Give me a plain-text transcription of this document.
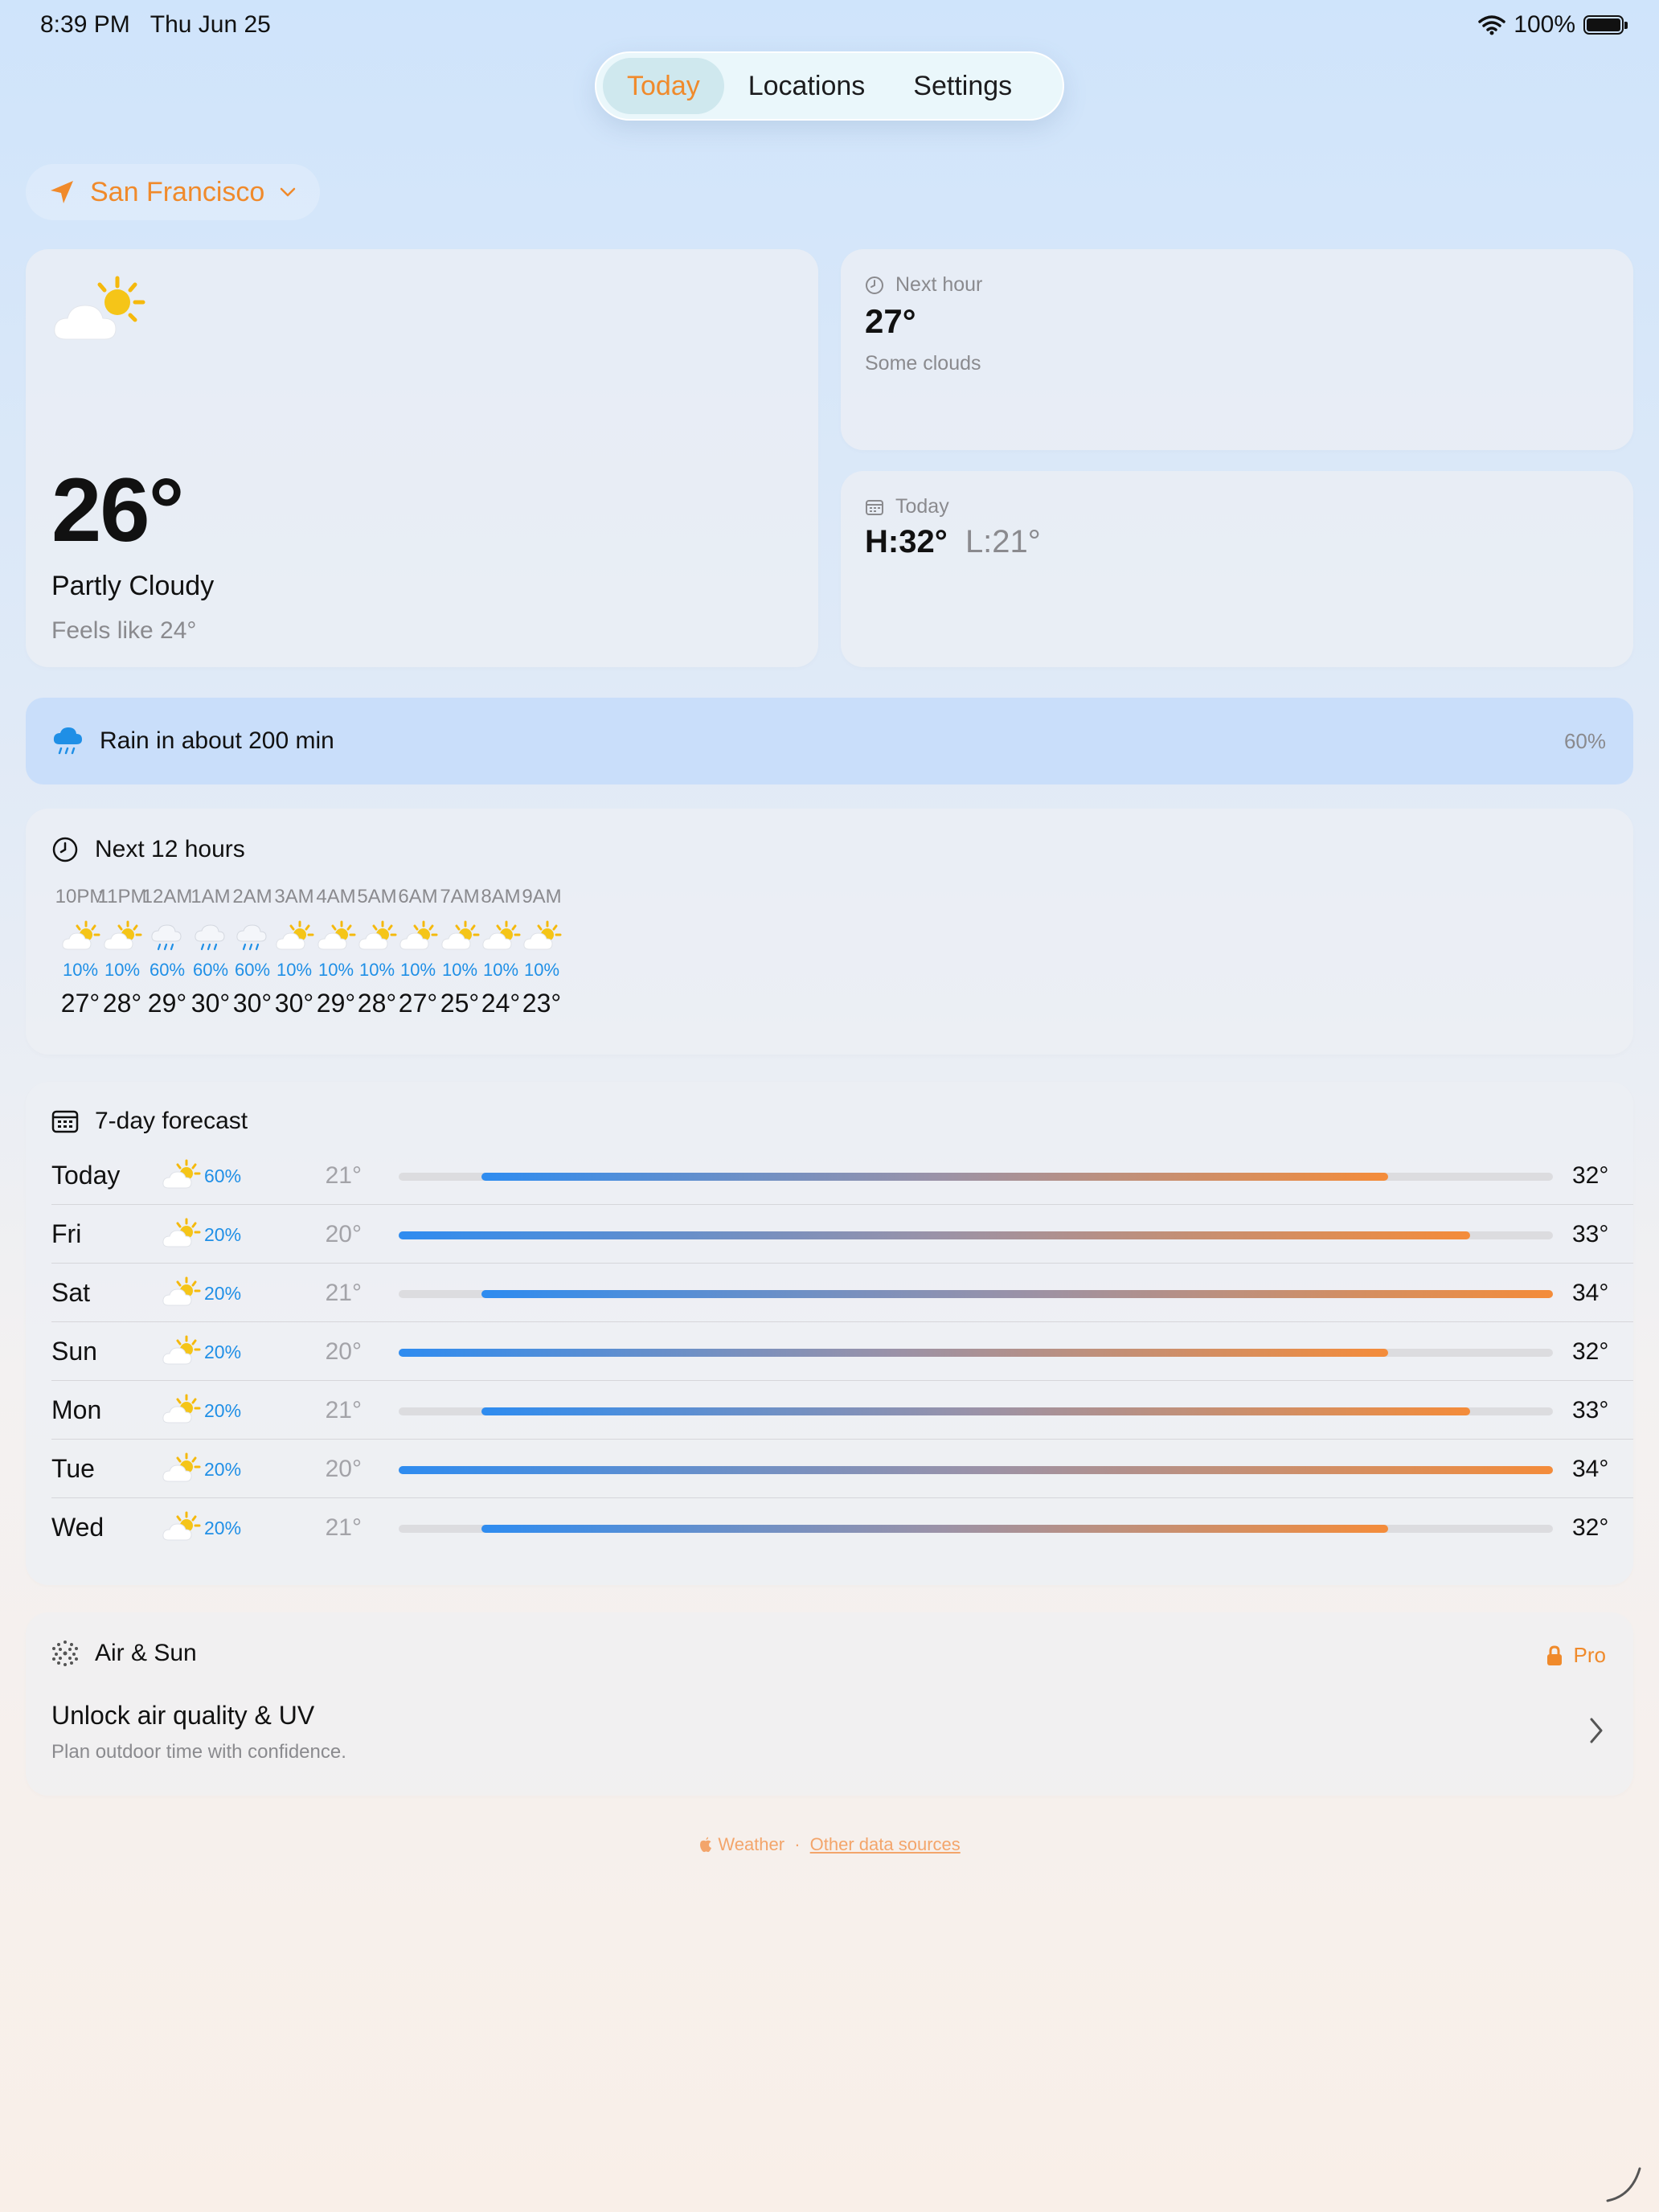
8:39 PM Thu Jun 25	100%
Today	Locations	Settings
San Francisco
26°
Partly Cloudy
Feels like 24°
Next hour
27°
Some clouds
Today
H:32° L:21°
Rain in about 200 min	60%
Next 12 hours
10PM
10%
27°
11PM
10%
28°
12AM
60%
29°
1AM
60%
30°
2AM
60%
30°
3AM
10%
30°
4AM
10%
29°
5AM
10%
28°
6AM
10%
27°
7AM
10%
25°
8AM
10%
24°
9AM
10%
23°
7-day forecast
Today	60%	21°	32°
Fri	20%	20°	33°
Sat	20%	21°	34°
Sun	20%	20°	32°
Mon	20%	21°	33°
Tue	20%	20°	34°
Wed	20%	21°	32°
Air & Sun	Pro
Unlock air quality & UV
Plan outdoor time with confidence.
Weather · Other data sources
